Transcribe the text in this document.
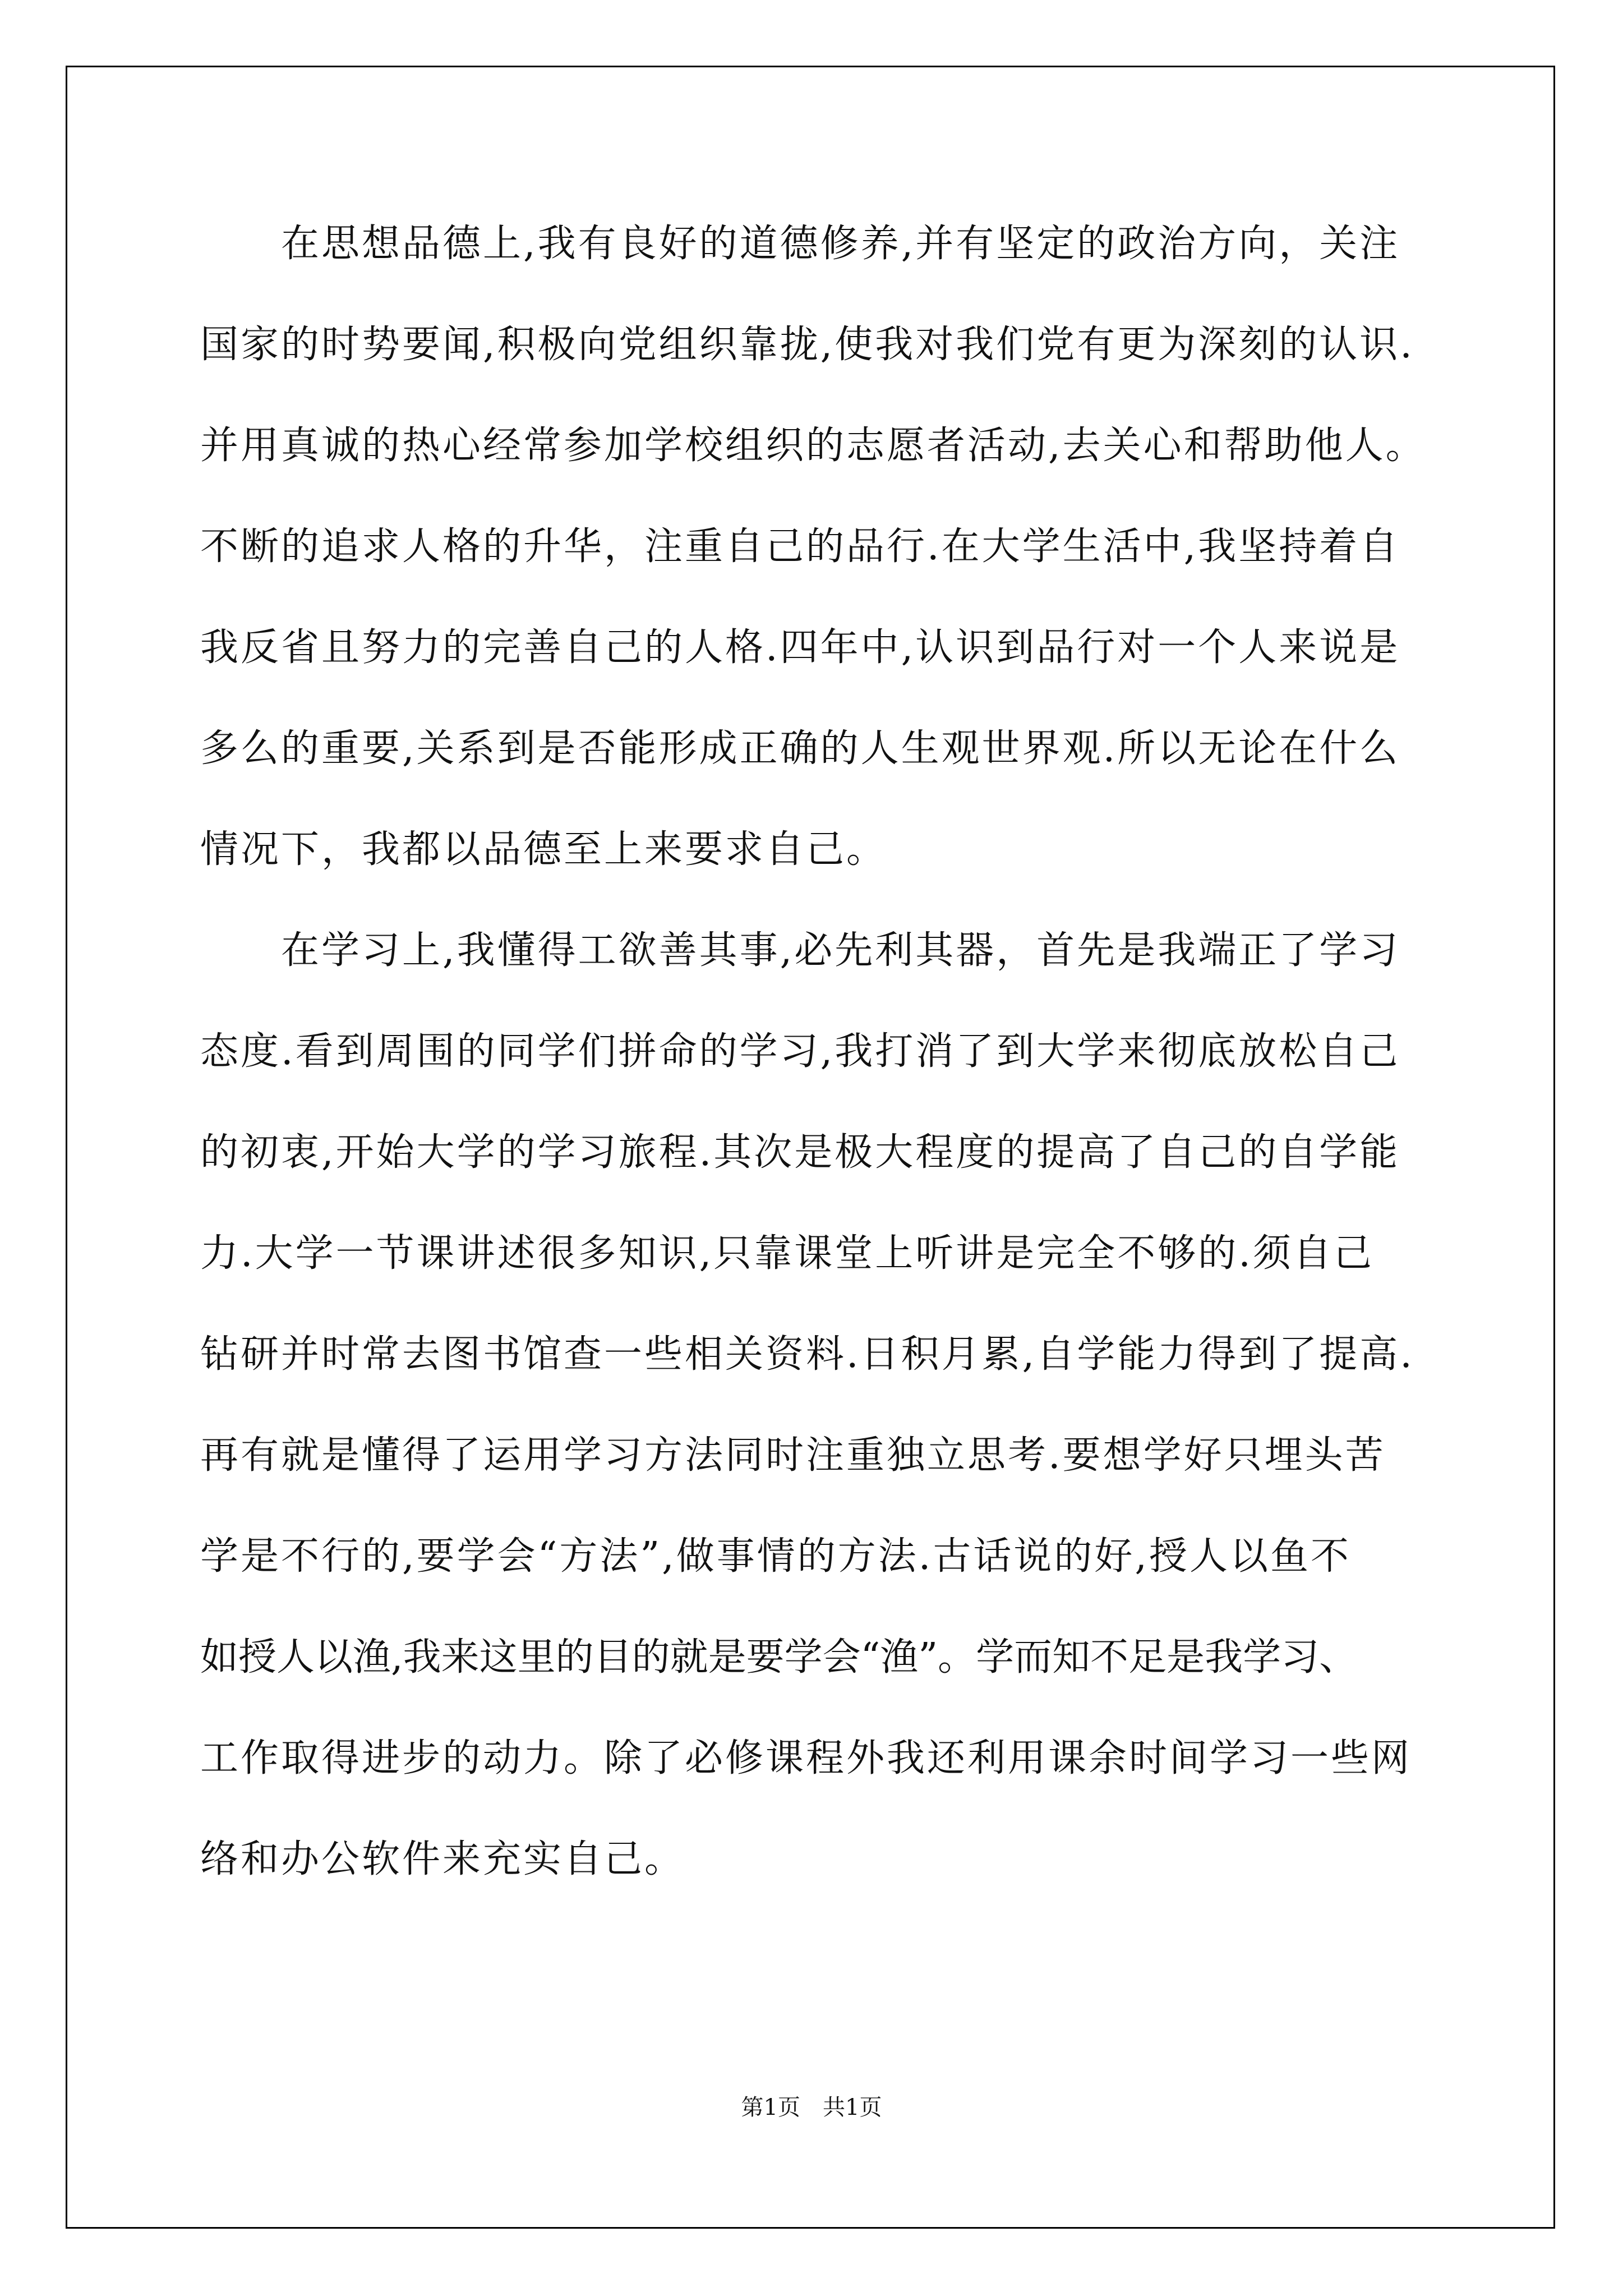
　　在思想品德上,我有良好的道德修养,并有坚定的政治方向，关注
国家的时势要闻,积极向党组织靠拢,使我对我们党有更为深刻的认识.
并用真诚的热心经常参加学校组织的志愿者活动,去关心和帮助他人。
不断的追求人格的升华，注重自己的品行.在大学生活中,我坚持着自
我反省且努力的完善自己的人格.四年中,认识到品行对一个人来说是
多么的重要,关系到是否能形成正确的人生观世界观.所以无论在什么
情况下，我都以品德至上来要求自己。
　　在学习上,我懂得工欲善其事,必先利其器，首先是我端正了学习
态度.看到周围的同学们拼命的学习,我打消了到大学来彻底放松自己
的初衷,开始大学的学习旅程.其次是极大程度的提高了自己的自学能
力.大学一节课讲述很多知识,只靠课堂上听讲是完全不够的.须自己
钻研并时常去图书馆查一些相关资料.日积月累,自学能力得到了提高.
再有就是懂得了运用学习方法同时注重独立思考.要想学好只埋头苦
学是不行的,要学会“方法”,做事情的方法.古话说的好,授人以鱼不
如授人以渔,我来这里的目的就是要学会“渔”。学而知不足是我学习、
工作取得进步的动力。除了必修课程外我还利用课余时间学习一些网
络和办公软件来充实自己。
第1页　共1页
